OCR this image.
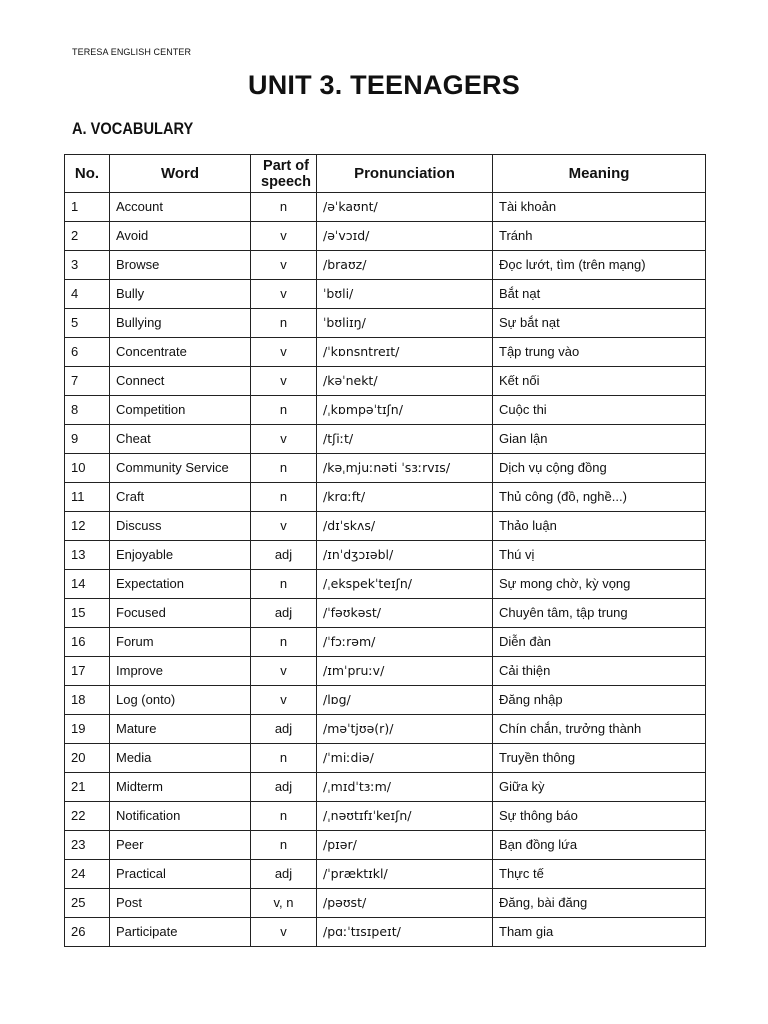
TERESA ENGLISH CENTER
UNIT 3. TEENAGERS
A. VOCABULARY
No.	Word	Part of speech	Pronunciation	Meaning
1	Account	n	/əˈkaʊnt/	Tài khoản
2	Avoid	v	/əˈvɔɪd/	Tránh
3	Browse	v	/braʊz/	Đọc lướt, tìm (trên mạng)
4	Bully	v	ˈbʊli/	Bắt nạt
5	Bullying	n	ˈbʊliɪŋ/	Sự bắt nạt
6	Concentrate	v	/ˈkɒnsntreɪt/	Tập trung vào
7	Connect	v	/kəˈnekt/	Kết nối
8	Competition	n	/ˌkɒmpəˈtɪʃn/	Cuộc thi
9	Cheat	v	/tʃiːt/	Gian lận
10	Community Service	n	/kəˌmjuːnəti ˈsɜːrvɪs/	Dịch vụ cộng đồng
11	Craft	n	/krɑːft/	Thủ công (đồ, nghề...)
12	Discuss	v	/dɪˈskʌs/	Thảo luận
13	Enjoyable	adj	/ɪnˈdʒɔɪəbl/	Thú vị
14	Expectation	n	/ˌekspekˈteɪʃn/	Sự mong chờ, kỳ vọng
15	Focused	adj	/ˈfəʊkəst/	Chuyên tâm, tập trung
16	Forum	n	/ˈfɔːrəm/	Diễn đàn
17	Improve	v	/ɪmˈpruːv/	Cải thiện
18	Log (onto)	v	/lɒg/	Đăng nhập
19	Mature	adj	/məˈtjʊə(r)/	Chín chắn, trưởng thành
20	Media	n	/ˈmiːdiə/	Truyền thông
21	Midterm	adj	/ˌmɪdˈtɜːm/	Giữa kỳ
22	Notification	n	/ˌnəʊtɪfɪˈkeɪʃn/	Sự thông báo
23	Peer	n	/pɪər/	Bạn đồng lứa
24	Practical	adj	/ˈpræktɪkl/	Thực tế
25	Post	v, n	/pəʊst/	Đăng, bài đăng
26	Participate	v	/pɑːˈtɪsɪpeɪt/	Tham gia
